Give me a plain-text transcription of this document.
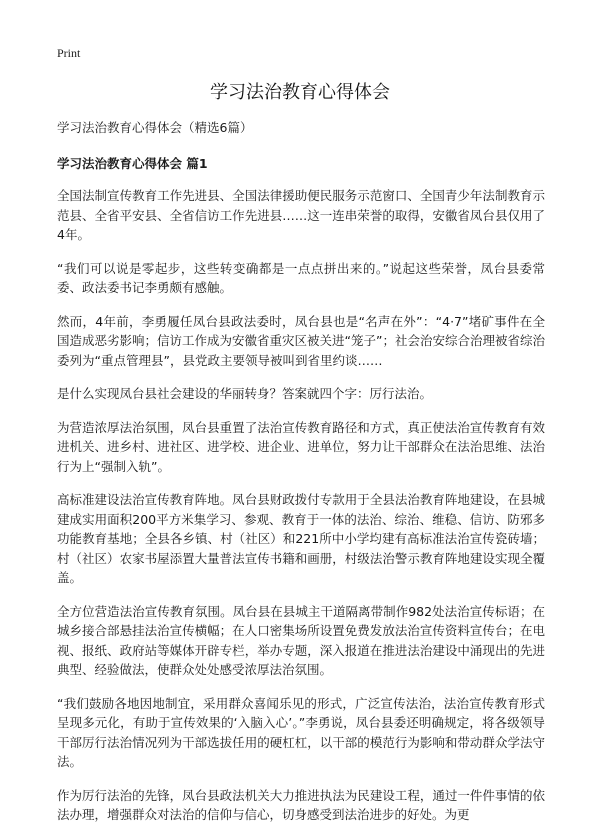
Print
学习法治教育心得体会

学习法治教育心得体会（精选6篇）

学习法治教育心得体会 篇1

全国法制宣传教育工作先进县、全国法律援助便民服务示范窗口、全国青少年法制教育示范县、全省平安县、全省信访工作先进县……这一连串荣誉的取得，安徽省凤台县仅用了4年。

“我们可以说是零起步，这些转变确都是一点点拼出来的。”说起这些荣誉，凤台县委常委、政法委书记李勇颇有感触。

然而，4年前，李勇履任凤台县政法委时，凤台县也是“名声在外”：“4·7”堵矿事件在全国造成恶劣影响；信访工作成为安徽省重灾区被关进“笼子”；社会治安综合治理被省综治委列为“重点管理县”，县党政主要领导被叫到省里约谈……

是什么实现凤台县社会建设的华丽转身？答案就四个字：厉行法治。

为营造浓厚法治氛围，凤台县重置了法治宣传教育路径和方式，真正使法治宣传教育有效进机关、进乡村、进社区、进学校、进企业、进单位，努力让干部群众在法治思维、法治行为上“强制入轨”。

高标准建设法治宣传教育阵地。凤台县财政拨付专款用于全县法治教育阵地建设，在县城建成实用面积200平方米集学习、参观、教育于一体的法治、综治、维稳、信访、防邪多功能教育基地；全县各乡镇、村（社区）和221所中小学均建有高标准法治宣传瓷砖墙；村（社区）农家书屋添置大量普法宣传书籍和画册，村级法治警示教育阵地建设实现全覆盖。

全方位营造法治宣传教育氛围。凤台县在县城主干道隔离带制作982处法治宣传标语；在城乡接合部悬挂法治宣传横幅；在人口密集场所设置免费发放法治宣传资料宣传台；在电视、报纸、政府站等媒体开辟专栏，举办专题，深入报道在推进法治建设中涌现出的先进典型、经验做法，使群众处处感受浓厚法治氛围。

“我们鼓励各地因地制宜，采用群众喜闻乐见的形式，广泛宣传法治，法治宣传教育形式呈现多元化，有助于宣传效果的‘入脑入心’。”李勇说，凤台县委还明确规定，将各级领导干部厉行法治情况列为干部选拔任用的硬杠杠，以干部的模范行为影响和带动群众学法守法。

作为厉行法治的先锋，凤台县政法机关大力推进执法为民建设工程，通过一件件事情的依法办理，增强群众对法治的信仰与信心，切身感受到法治进步的好处。为更
